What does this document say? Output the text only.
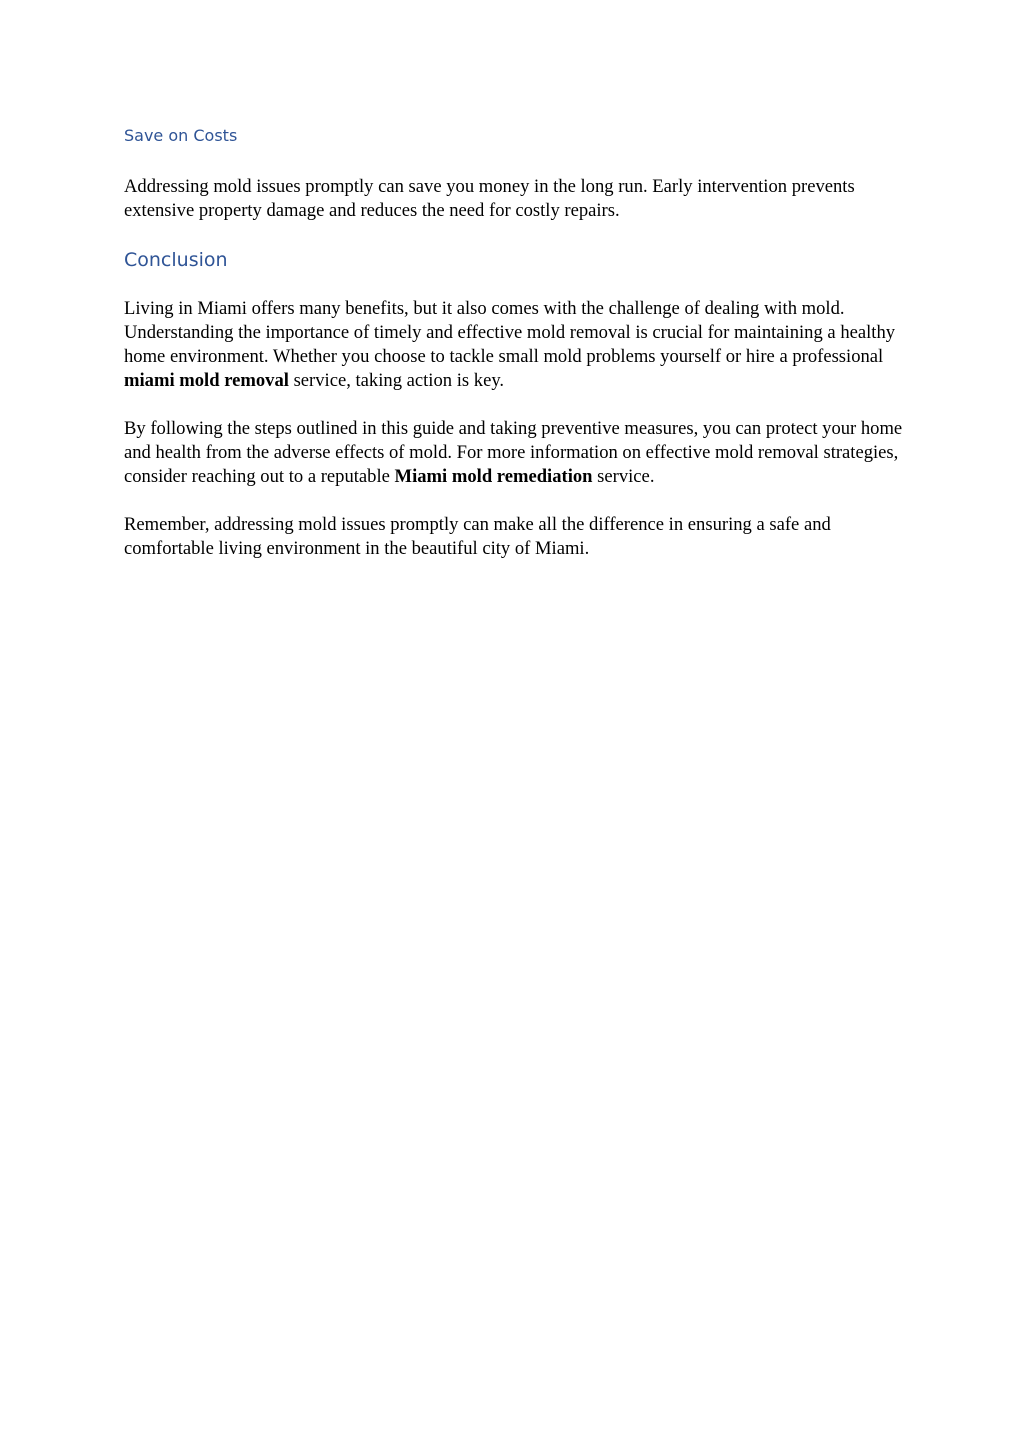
Save on Costs

Addressing mold issues promptly can save you money in the long run. Early intervention prevents extensive property damage and reduces the need for costly repairs.

Conclusion

Living in Miami offers many benefits, but it also comes with the challenge of dealing with mold. Understanding the importance of timely and effective mold removal is crucial for maintaining a healthy home environment. Whether you choose to tackle small mold problems yourself or hire a professional miami mold removal service, taking action is key.

By following the steps outlined in this guide and taking preventive measures, you can protect your home and health from the adverse effects of mold. For more information on effective mold removal strategies, consider reaching out to a reputable Miami mold remediation service.

Remember, addressing mold issues promptly can make all the difference in ensuring a safe and comfortable living environment in the beautiful city of Miami.
